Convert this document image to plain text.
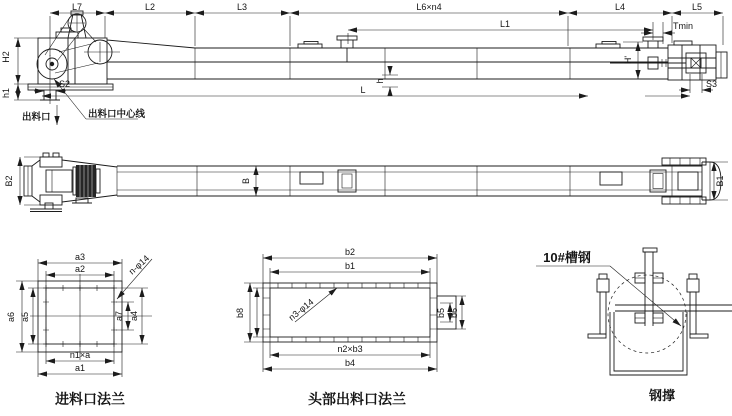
L7	L2	L3	L6×n4	L4	L5
L1	Tmin
H2
h1
S2
L
h
H'
S3
出料口	出料口中心线
B2	B1
B
a3
a2	n-φ14
a6 a5	a7 a4
n1×a
a1
进料口法兰
b2
b1
n3-φ14
b8	b5 b6
n2×b3
b4
头部出料口法兰
10#槽钢
钢撑
